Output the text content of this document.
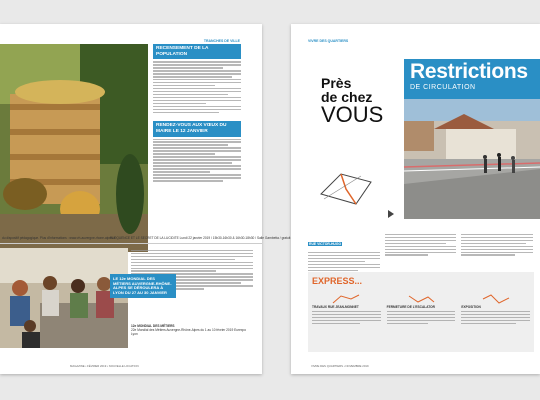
TRANCHES DE VILLE
RECENSEMENT DE LA POPULATION
RENDEZ-VOUS AUX VŒUX DU MAIRE LE 12 JANVIER
du dispositif pédagogique. Plus d'informations : www.vh-auvergne-rhone-alpes.fr
ELOQUENCE ET LE SECRET DE LA LUCIDITE Lundi 22 janvier 2019 / 15h30-16h30 & 16h30-18h30 / Salle Gambetta / gratuit
LE 12e MONDIAL DES MÉTIERS AUVERGNE-RHÔNE-ALPES SE DÉROULERA À LYON DU 27 AU 30 JANVIER
12e MONDIAL DES MÉTIERS
22e Mondial des Métiers Auvergne-Rhône-Alpes du 1 au 10 février 2019 Eurexpo Lyon
MAGAZINE • FÉVRIER 2019 • NOUVELLE LOCATION
VIVRE DES QUARTIERS
Près
de chez
VOUS
Restrictions
DE CIRCULATION
RUE VICTOR-HUGO
EXPRESS...
TRAVAUX RUE JEAN-MONNET	FERMETURE DE L'ESCALATOR	EXPOSITION
VIVRE DES QUARTIERS • NOVEMBRE 2019
